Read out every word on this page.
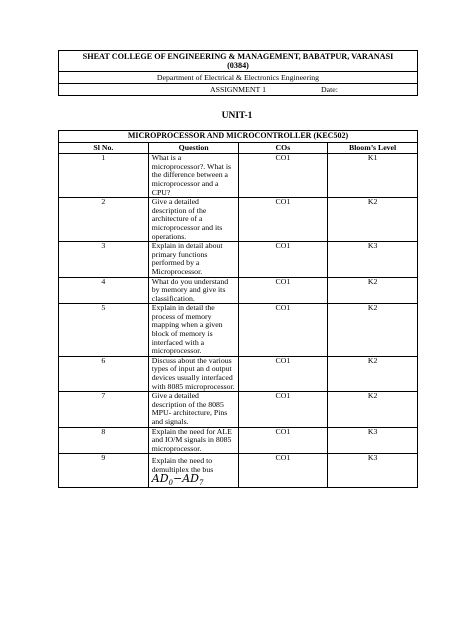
SHEAT COLLEGE OF ENGINEERING & MANAGEMENT, BABATPUR, VARANASI
(0384)
Department of Electrical & Electronics Engineering
ASSIGNMENT 1	Date:
UNIT-1
MICROPROCESSOR AND MICROCONTROLLER (KEC502)			
Sl No.	Question	COs	Bloom’s Level
1	What is a microprocessor?. What is the difference between a microprocessor and a CPU?	CO1	K1
2	Give a detailed description of the architecture of a microprocessor and its operations.	CO1	K2
3	Explain in detail about primary functions performed by a Microprocessor.	CO1	K3
4	What do you understand by memory and give its classification.	CO1	K2
5	Explain in detail the process of memory mapping when a given block of memory is interfaced with a microprocessor.	CO1	K2
6	Discuss about the various types of input an d output devices usually interfaced with 8085 microprocessor.	CO1	K2
7	Give a detailed description of the 8085 MPU- architecture, Pins and signals.	CO1	K2
8	Explain the need for ALE and IO/M signals in 8085 microprocessor.	CO1	K3
9	Explain the need to demultiplex the bus $AD_0-AD_7$	CO1	K3
